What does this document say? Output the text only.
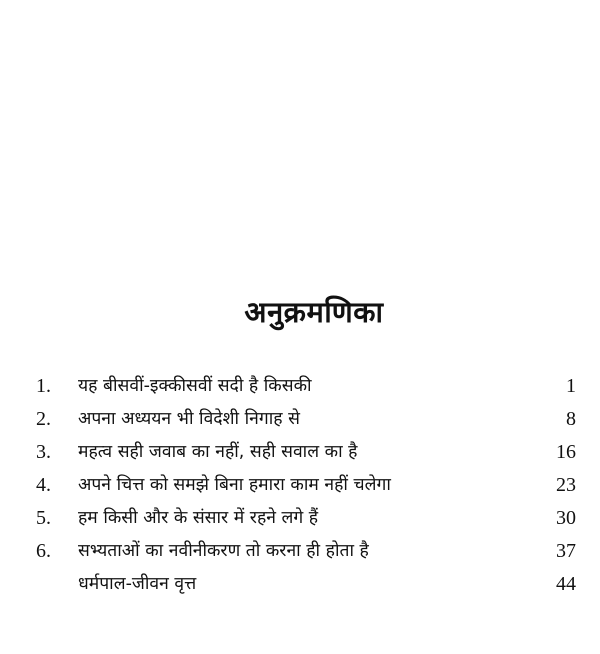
अनुक्रमणिका
1. यह बीसवीं-इक्कीसवीं सदी है किसकी	1
2. अपना अध्ययन भी विदेशी निगाह से	8
3. महत्व सही जवाब का नहीं, सही सवाल का है	16
4. अपने चित्त को समझे बिना हमारा काम नहीं चलेगा	23
5. हम किसी और के संसार में रहने लगे हैं	30
6. सभ्यताओं का नवीनीकरण तो करना ही होता है	37
धर्मपाल-जीवन वृत्त	44
